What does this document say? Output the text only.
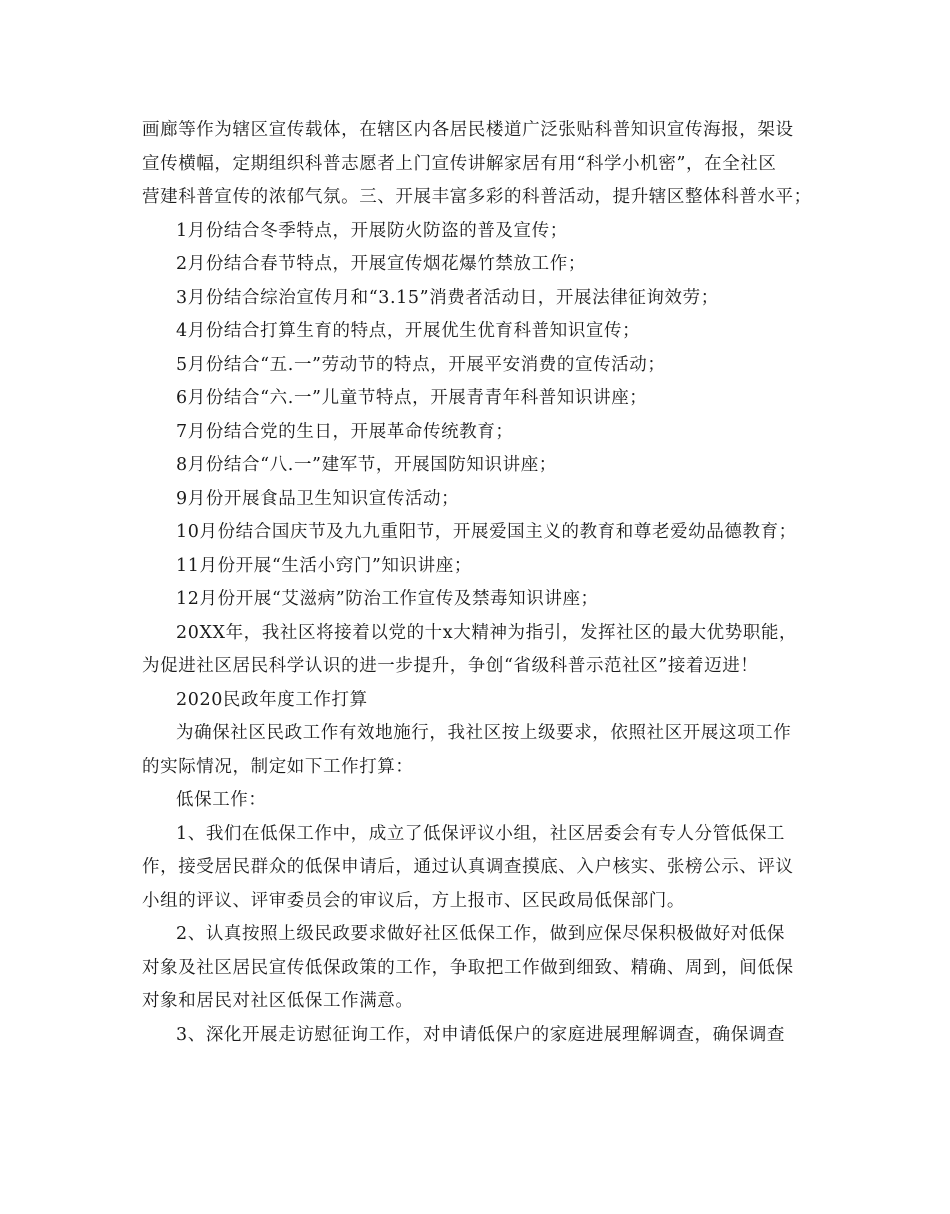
画廊等作为辖区宣传载体，在辖区内各居民楼道广泛张贴科普知识宣传海报，架设
宣传横幅，定期组织科普志愿者上门宣传讲解家居有用“科学小机密”，在全社区
营建科普宣传的浓郁气氛。三、开展丰富多彩的科普活动，提升辖区整体科普水平；
1月份结合冬季特点，开展防火防盗的普及宣传；
2月份结合春节特点，开展宣传烟花爆竹禁放工作；
3月份结合综治宣传月和“3.15”消费者活动日，开展法律征询效劳；
4月份结合打算生育的特点，开展优生优育科普知识宣传；
5月份结合“五.一”劳动节的特点，开展平安消费的宣传活动；
6月份结合“六.一”儿童节特点，开展青青年科普知识讲座；
7月份结合党的生日，开展革命传统教育；
8月份结合“八.一”建军节，开展国防知识讲座；
9月份开展食品卫生知识宣传活动；
10月份结合国庆节及九九重阳节，开展爱国主义的教育和尊老爱幼品德教育；
11月份开展“生活小窍门”知识讲座；
12月份开展“艾滋病”防治工作宣传及禁毒知识讲座；
20XX年，我社区将接着以党的十x大精神为指引，发挥社区的最大优势职能，
为促进社区居民科学认识的进一步提升，争创“省级科普示范社区”接着迈进！
2020民政年度工作打算
为确保社区民政工作有效地施行，我社区按上级要求，依照社区开展这项工作
的实际情况，制定如下工作打算：
低保工作：
1、我们在低保工作中，成立了低保评议小组，社区居委会有专人分管低保工
作，接受居民群众的低保申请后，通过认真调查摸底、入户核实、张榜公示、评议
小组的评议、评审委员会的审议后，方上报市、区民政局低保部门。
2、认真按照上级民政要求做好社区低保工作，做到应保尽保积极做好对低保
对象及社区居民宣传低保政策的工作，争取把工作做到细致、精确、周到，间低保
对象和居民对社区低保工作满意。
3、深化开展走访慰征询工作，对申请低保户的家庭进展理解调查，确保调查
